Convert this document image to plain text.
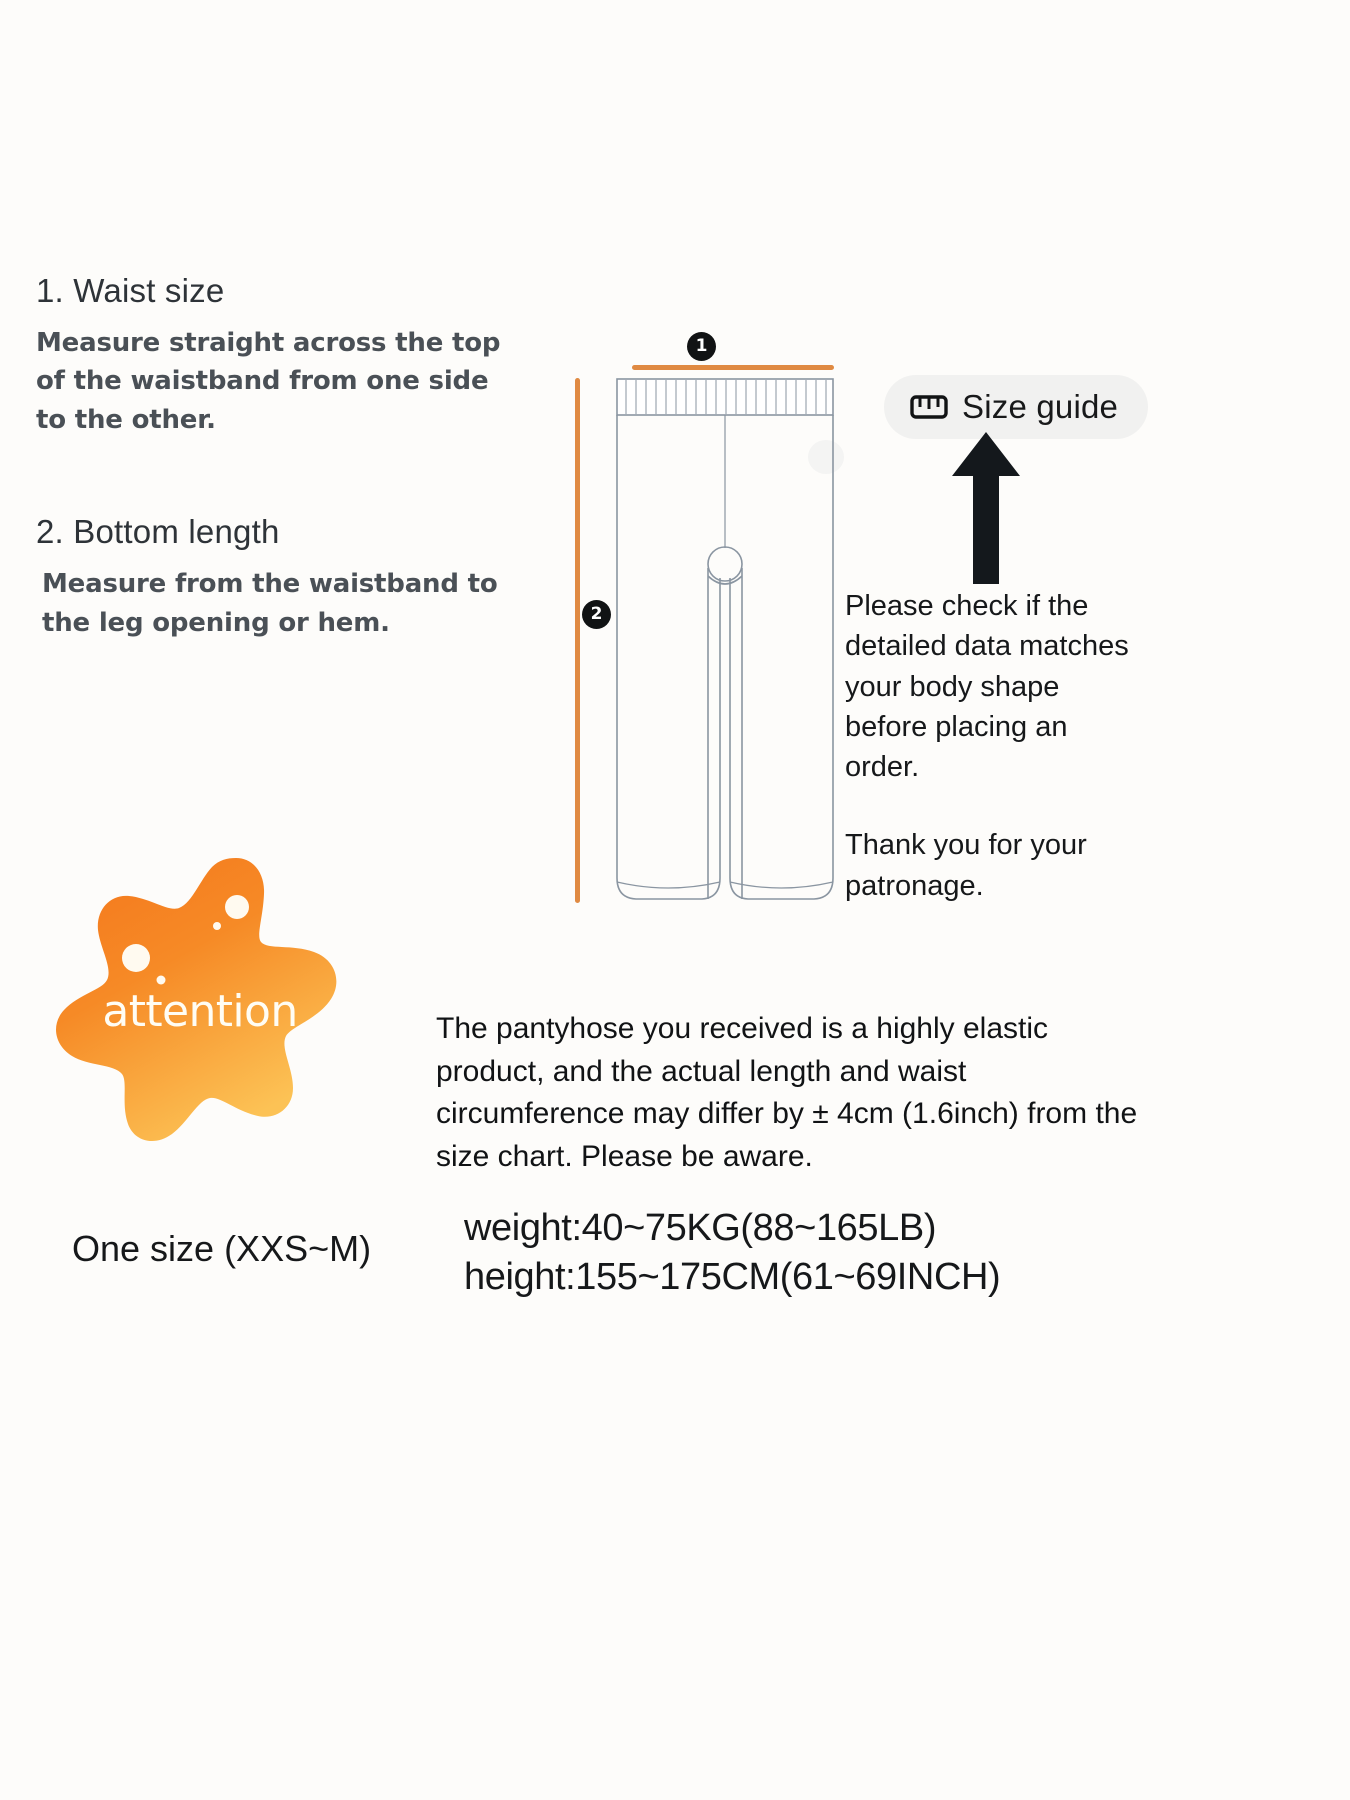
1. Waist size

Measure straight across the top of the waistband from one side to the other.

2. Bottom length

Measure from the waistband to the leg opening or hem.

1
2
Size guide

Please check if the detailed data matches your body shape before placing an order.

Thank you for your patronage.

attention	The pantyhose you received is a highly elastic product, and the actual length and waist circumference may differ by ± 4cm (1.6inch) from the size chart. Please be aware.

One size (XXS~M) weight:40~75KG(88~165LB)
height:155~175CM(61~69INCH)
